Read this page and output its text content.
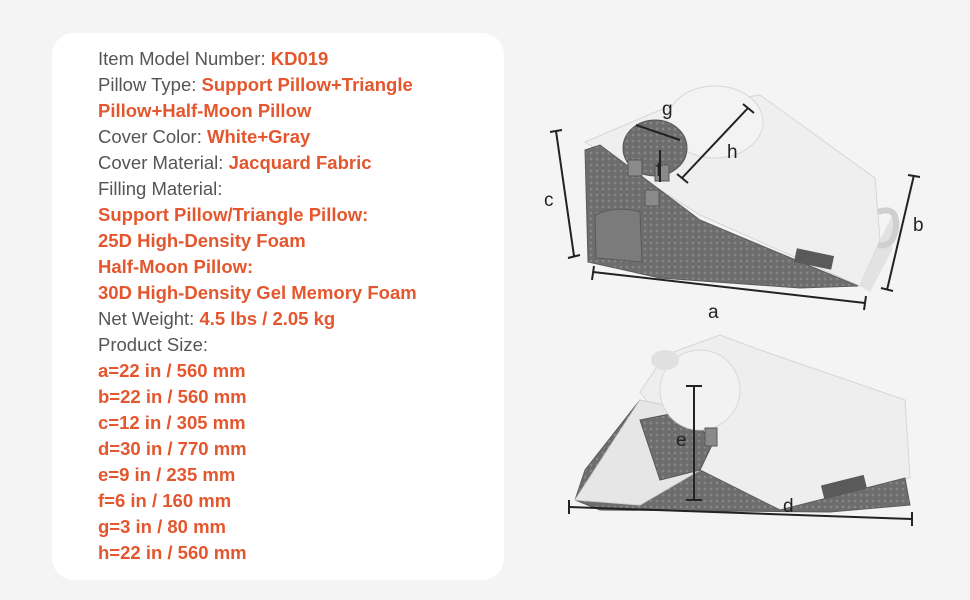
Item Model Number: KD019
Pillow Type: Support Pillow+Triangle
Pillow+Half-Moon Pillow
Cover Color: White+Gray
Cover Material: Jacquard Fabric
Filling Material:
Support Pillow/Triangle Pillow:
25D High-Density Foam
Half-Moon Pillow:
30D High-Density Gel Memory Foam
Net Weight: 4.5 lbs / 2.05 kg
Product Size:
a=22 in / 560 mm
b=22 in / 560 mm
c=12 in / 305 mm
d=30 in / 770 mm
e=9 in / 235 mm
f=6 in / 160 mm
g=3 in / 80 mm
h=22 in / 560 mm
c
a
b
h
g
f
e
d
